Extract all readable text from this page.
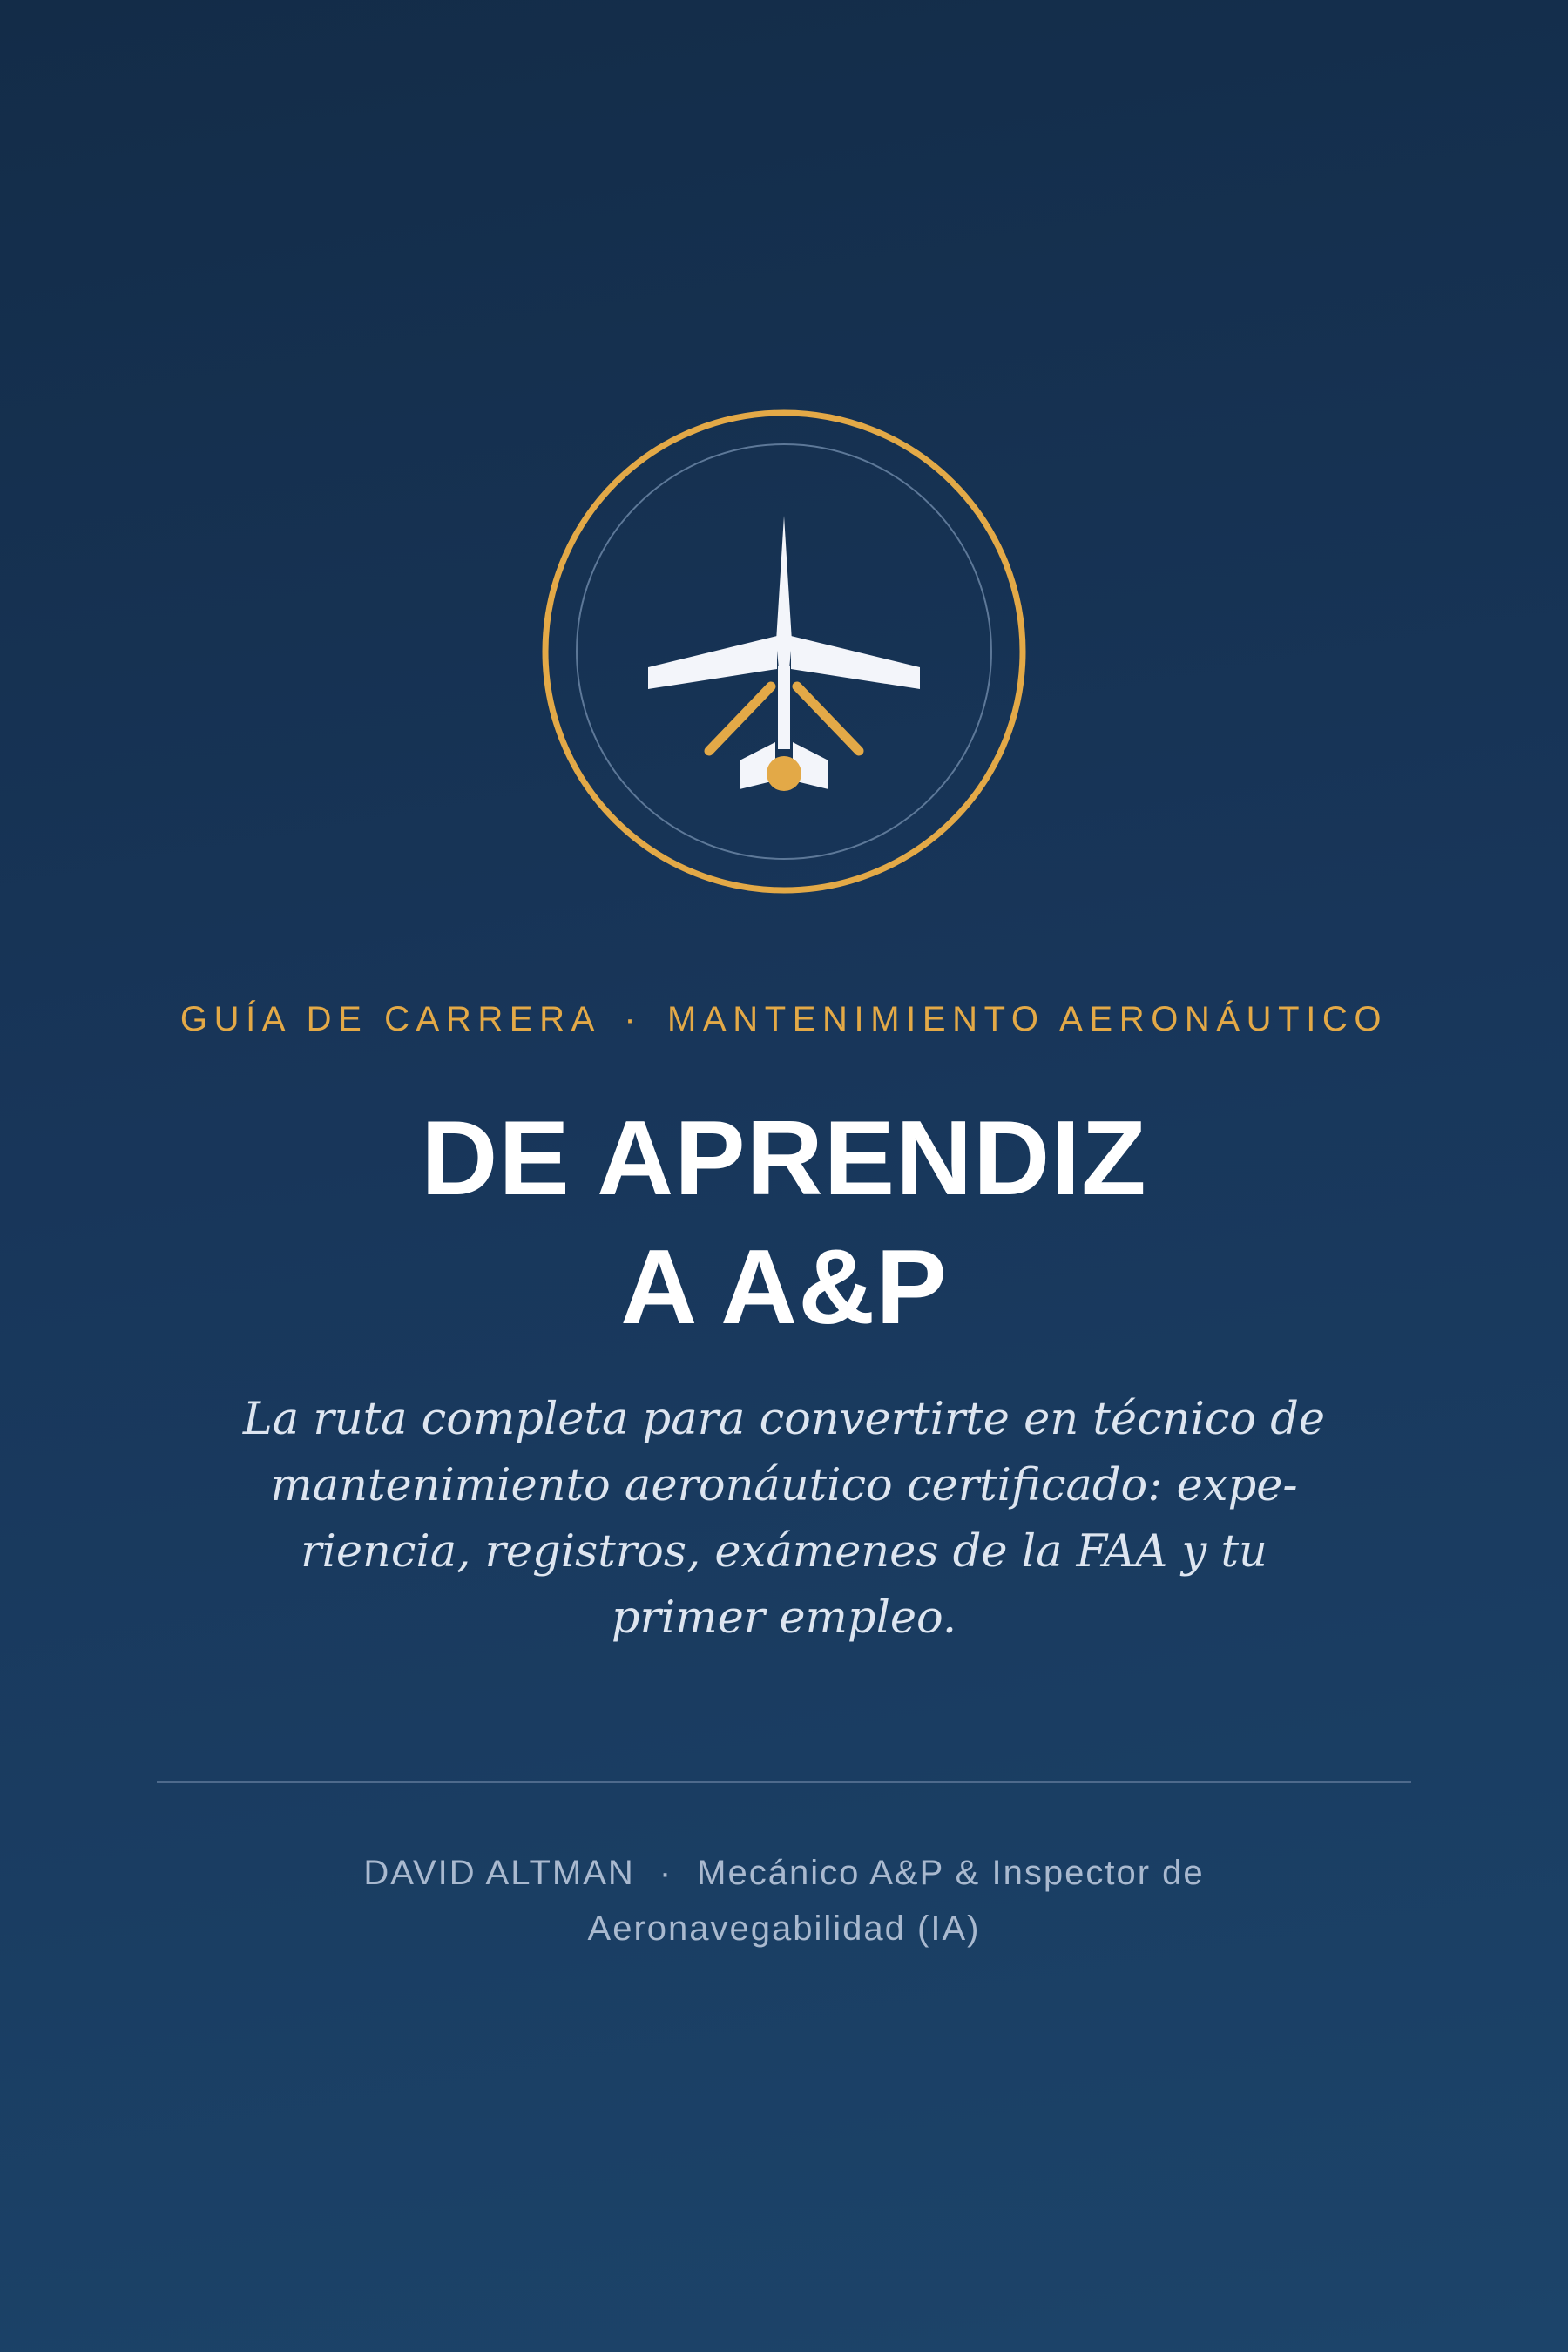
GUÍA DE CARRERA · MANTENIMIENTO AERONÁUTICO
DE APRENDIZ
A A&P
La ruta completa para convertirte en técnico de
mantenimiento aeronáutico certificado: expe-
riencia, registros, exámenes de la FAA y tu
primer empleo.
DAVID ALTMAN · Mecánico A&P & Inspector de
Aeronavegabilidad (IA)
